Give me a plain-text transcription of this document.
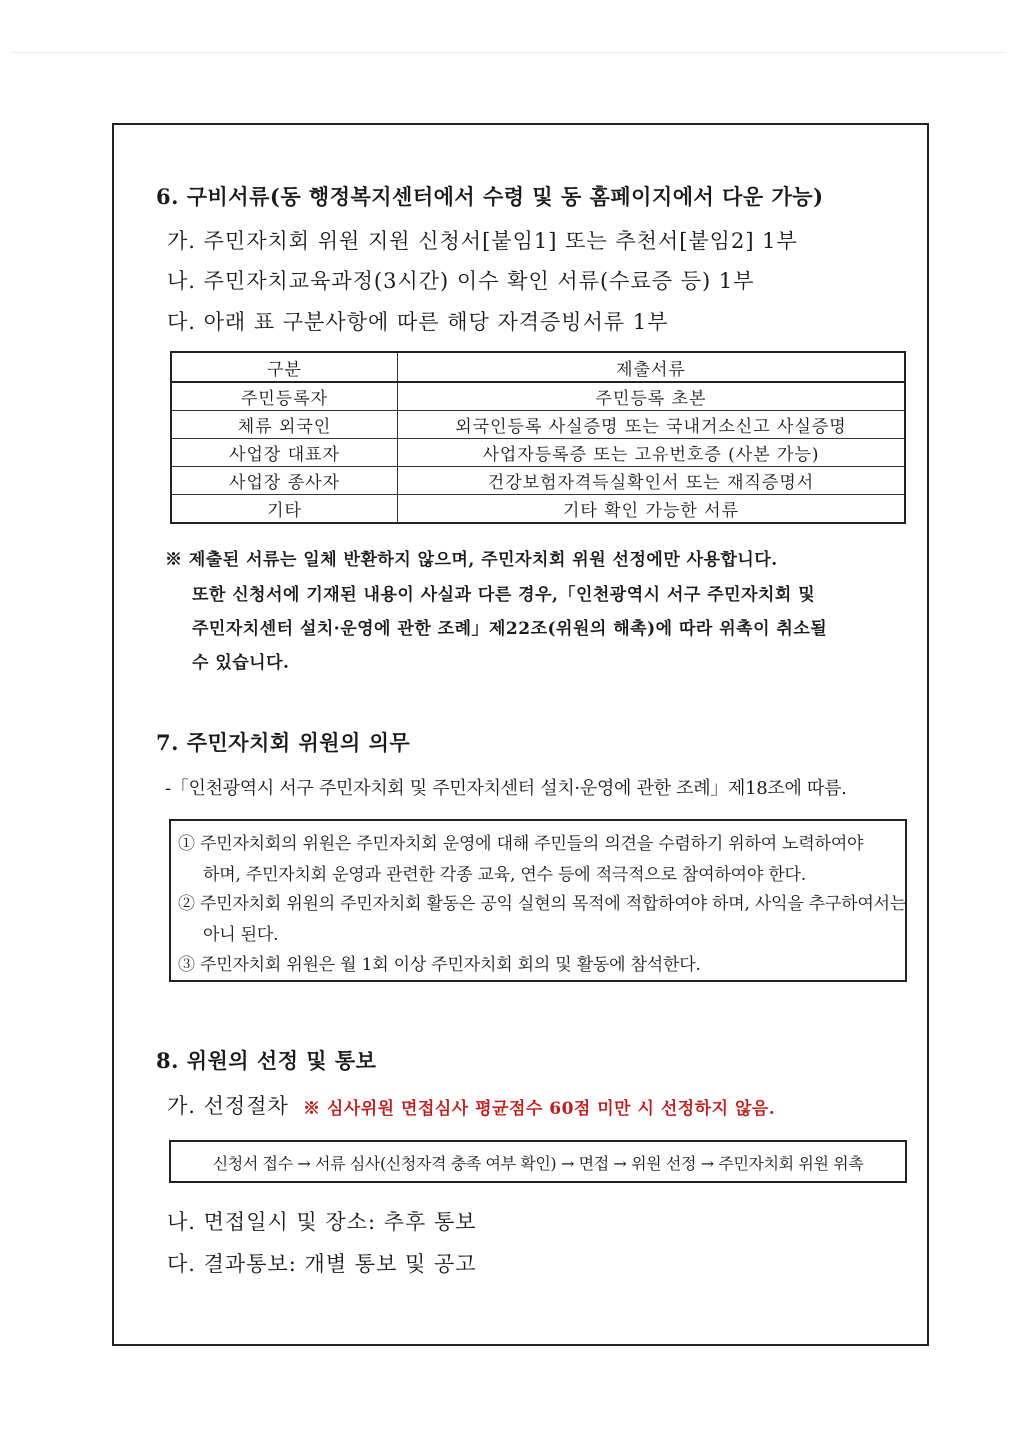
6. 구비서류(동 행정복지센터에서 수령 및 동 홈페이지에서 다운 가능)
가. 주민자치회 위원 지원 신청서[붙임1] 또는 추천서[붙임2] 1부
나. 주민자치교육과정(3시간) 이수 확인 서류(수료증 등) 1부
다. 아래 표 구분사항에 따른 해당 자격증빙서류 1부
구분	제출서류
주민등록자	주민등록 초본
체류 외국인	외국인등록 사실증명 또는 국내거소신고 사실증명
사업장 대표자	사업자등록증 또는 고유번호증 (사본 가능)
사업장 종사자	건강보험자격득실확인서 또는 재직증명서
기타	기타 확인 가능한 서류
※ 제출된 서류는 일체 반환하지 않으며, 주민자치회 위원 선정에만 사용합니다.
또한 신청서에 기재된 내용이 사실과 다른 경우,「인천광역시 서구 주민자치회 및
주민자치센터 설치·운영에 관한 조례」제22조(위원의 해촉)에 따라 위촉이 취소될
수 있습니다.
7. 주민자치회 위원의 의무
-「인천광역시 서구 주민자치회 및 주민자치센터 설치·운영에 관한 조례」제18조에 따름.
① 주민자치회의 위원은 주민자치회 운영에 대해 주민들의 의견을 수렴하기 위하여 노력하여야
하며, 주민자치회 운영과 관련한 각종 교육, 연수 등에 적극적으로 참여하여야 한다.
② 주민자치회 위원의 주민자치회 활동은 공익 실현의 목적에 적합하여야 하며, 사익을 추구하여서는
아니 된다.
③ 주민자치회 위원은 월 1회 이상 주민자치회 회의 및 활동에 참석한다.
8. 위원의 선정 및 통보
가. 선정절차 ※ 심사위원 면접심사 평균점수 60점 미만 시 선정하지 않음.
신청서 접수 → 서류 심사(신청자격 충족 여부 확인) → 면접 → 위원 선정 → 주민자치회 위원 위촉
나. 면접일시 및 장소: 추후 통보
다. 결과통보: 개별 통보 및 공고
